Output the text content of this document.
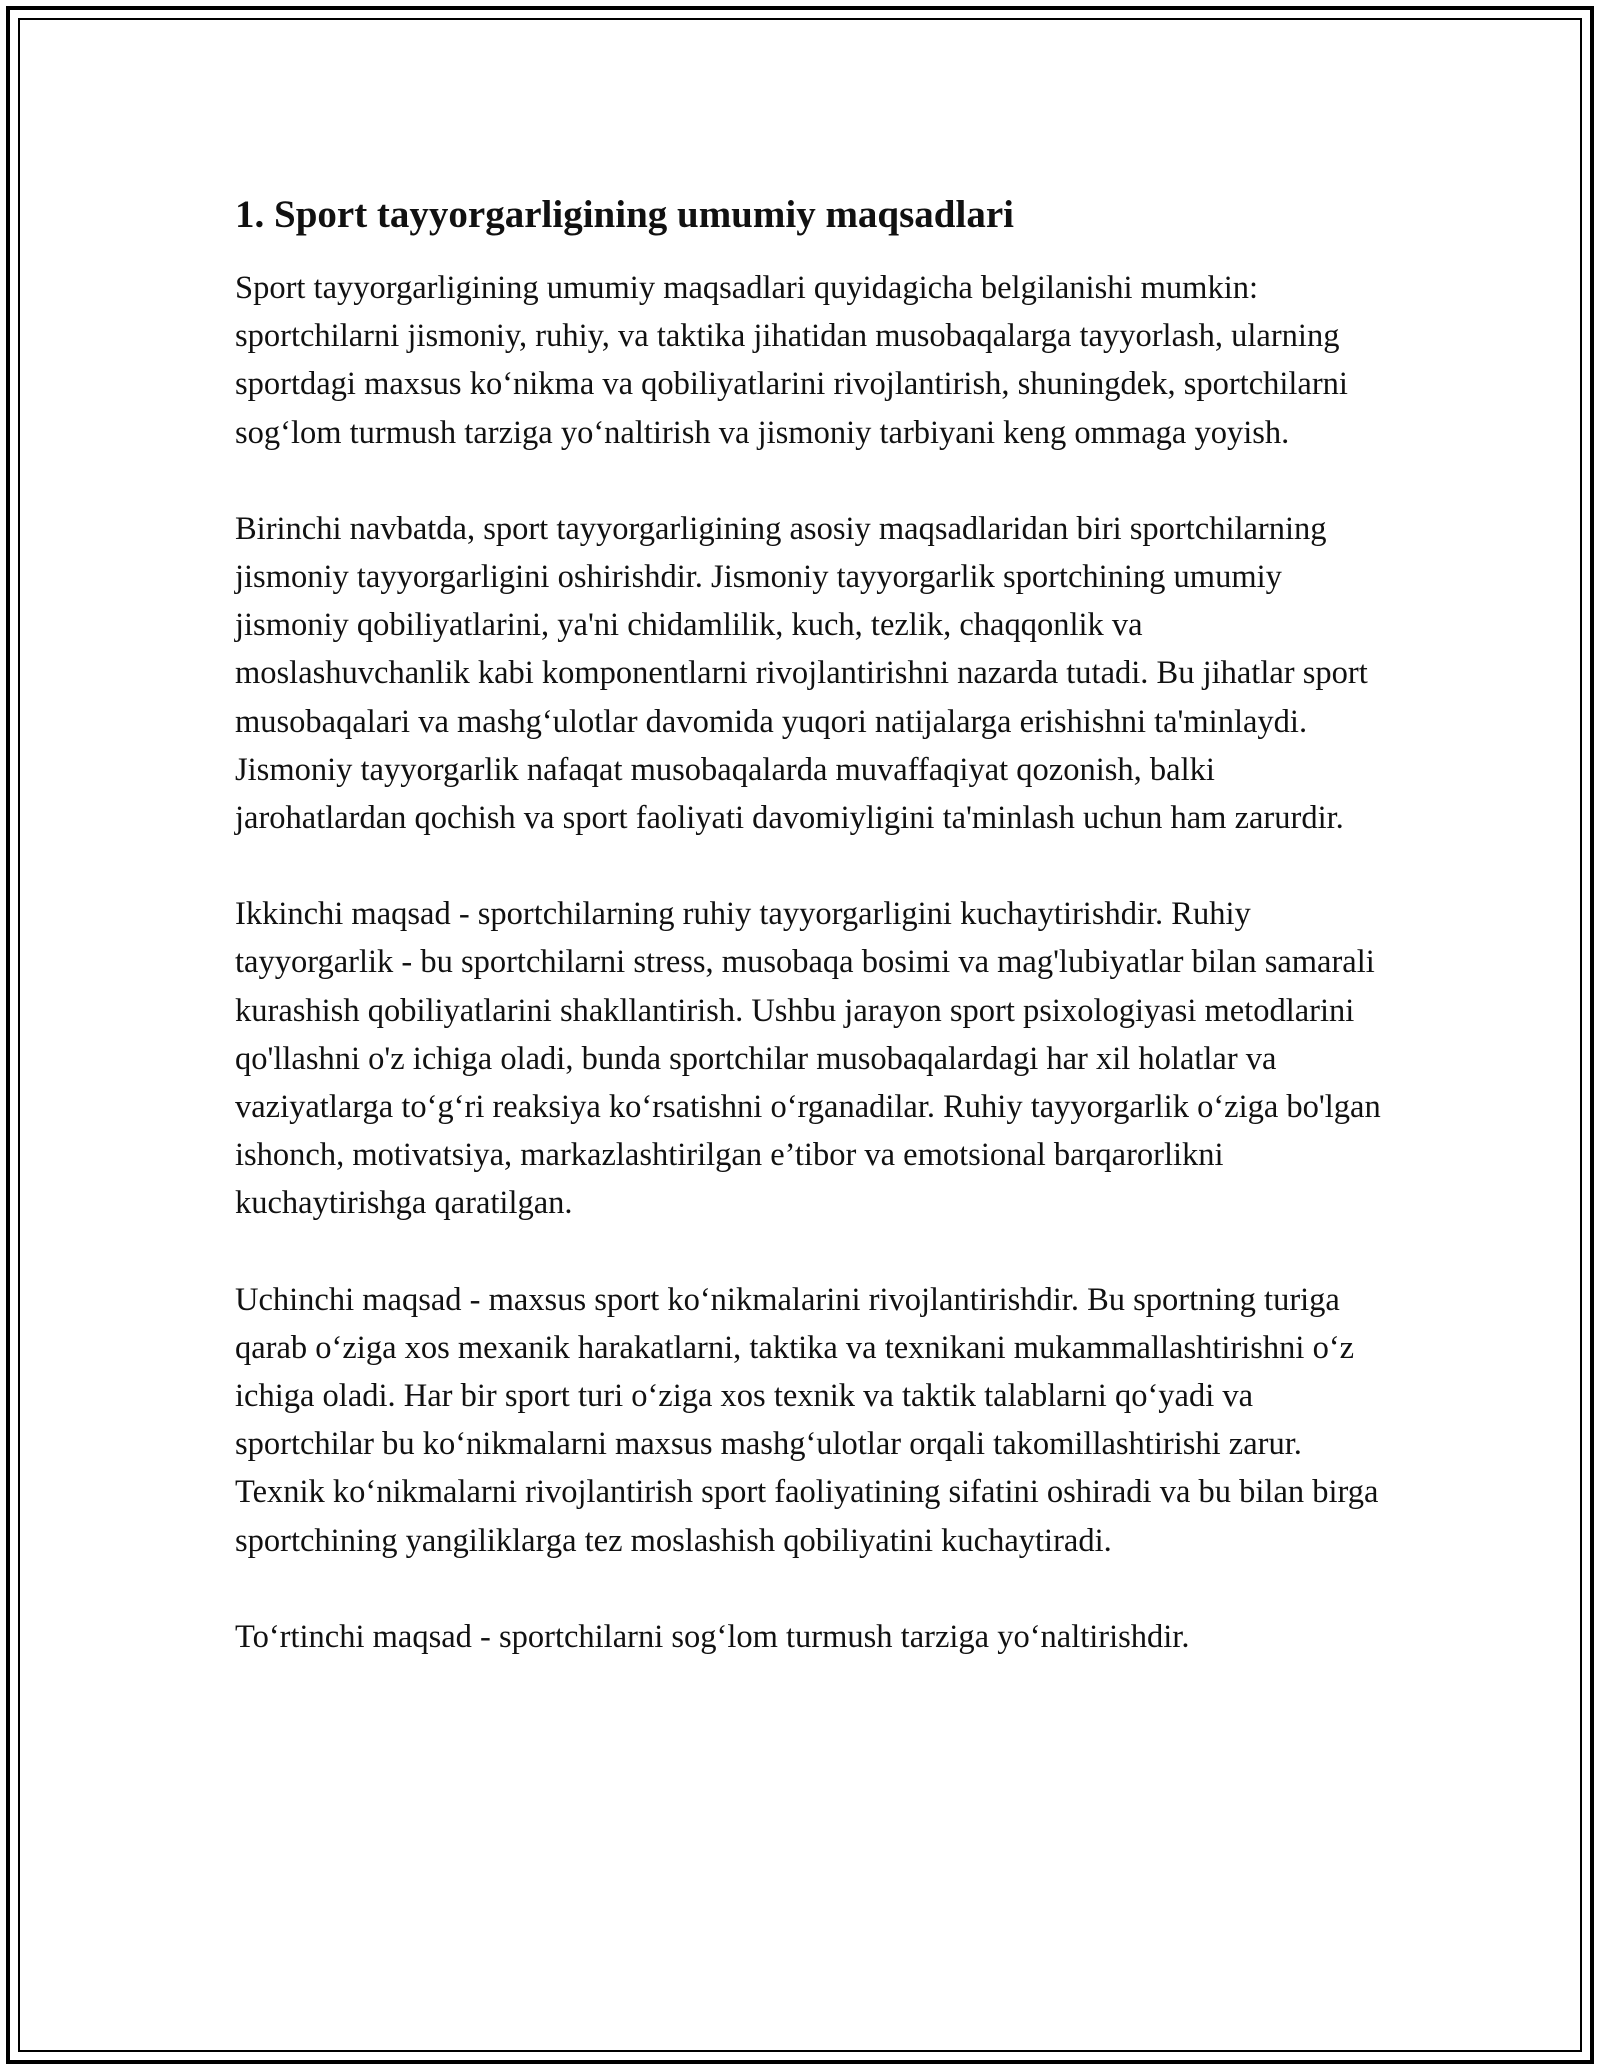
1. Sport tayyorgarligining umumiy maqsadlari

Sport tayyorgarligining umumiy maqsadlari quyidagicha belgilanishi mumkin: sportchilarni jismoniy, ruhiy, va taktika jihatidan musobaqalarga tayyorlash, ularning sportdagi maxsus koʻnikma va qobiliyatlarini rivojlantirish, shuningdek, sportchilarni sogʻlom turmush tarziga yoʻnaltirish va jismoniy tarbiyani keng ommaga yoyish.

Birinchi navbatda, sport tayyorgarligining asosiy maqsadlaridan biri sportchilarning jismoniy tayyorgarligini oshirishdir. Jismoniy tayyorgarlik sportchining umumiy jismoniy qobiliyatlarini, ya'ni chidamlilik, kuch, tezlik, chaqqonlik va moslashuvchanlik kabi komponentlarni rivojlantirishni nazarda tutadi. Bu jihatlar sport musobaqalari va mashgʻulotlar davomida yuqori natijalarga erishishni ta'minlaydi. Jismoniy tayyorgarlik nafaqat musobaqalarda muvaffaqiyat qozonish, balki jarohatlardan qochish va sport faoliyati davomiyligini ta'minlash uchun ham zarurdir.

Ikkinchi maqsad - sportchilarning ruhiy tayyorgarligini kuchaytirishdir. Ruhiy tayyorgarlik - bu sportchilarni stress, musobaqa bosimi va mag'lubiyatlar bilan samarali kurashish qobiliyatlarini shakllantirish. Ushbu jarayon sport psixologiyasi metodlarini qo'llashni o'z ichiga oladi, bunda sportchilar musobaqalardagi har xil holatlar va vaziyatlarga toʻgʻri reaksiya koʻrsatishni oʻrganadilar. Ruhiy tayyorgarlik oʻziga bo'lgan ishonch, motivatsiya, markazlashtirilgan e’tibor va emotsional barqarorlikni kuchaytirishga qaratilgan.

Uchinchi maqsad - maxsus sport koʻnikmalarini rivojlantirishdir. Bu sportning turiga qarab oʻziga xos mexanik harakatlarni, taktika va texnikani mukammallashtirishni oʻz ichiga oladi. Har bir sport turi oʻziga xos texnik va taktik talablarni qoʻyadi va sportchilar bu koʻnikmalarni maxsus mashgʻulotlar orqali takomillashtirishi zarur. Texnik koʻnikmalarni rivojlantirish sport faoliyatining sifatini oshiradi va bu bilan birga sportchining yangiliklarga tez moslashish qobiliyatini kuchaytiradi.

Toʻrtinchi maqsad - sportchilarni sogʻlom turmush tarziga yoʻnaltirishdir.
